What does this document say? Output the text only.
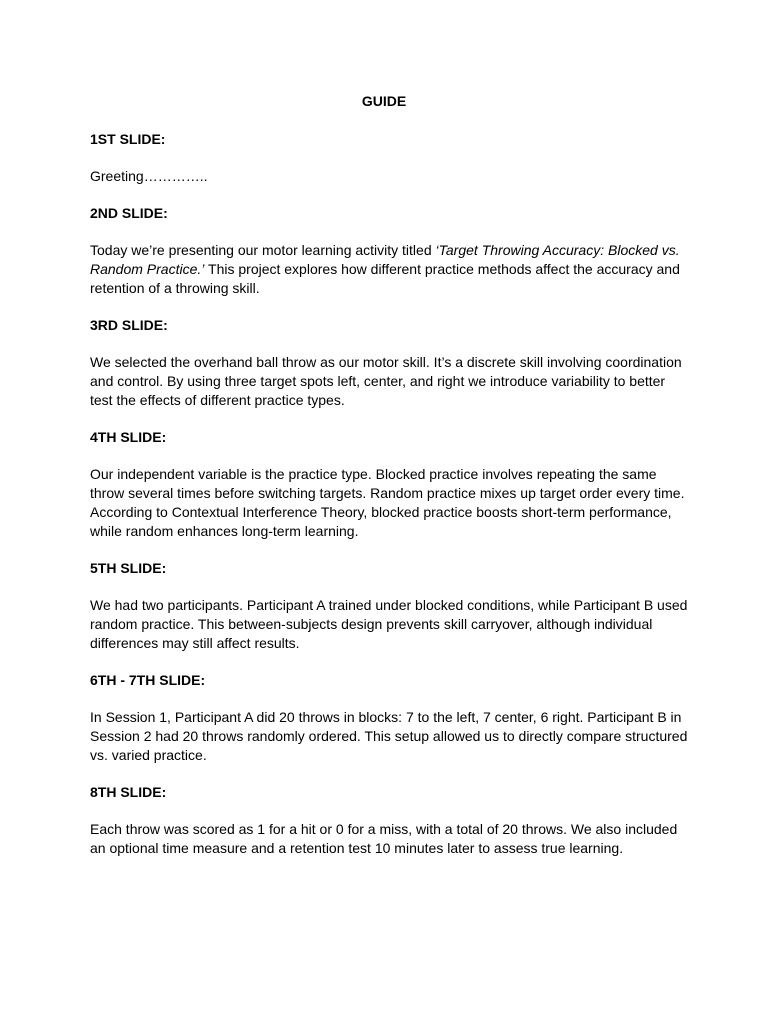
GUIDE
1ST SLIDE:
Greeting…………..
2ND SLIDE:
Today we’re presenting our motor learning activity titled ‘Target Throwing Accuracy: Blocked vs. Random Practice.’ This project explores how different practice methods affect the accuracy and retention of a throwing skill.
3RD SLIDE:
We selected the overhand ball throw as our motor skill. It’s a discrete skill involving coordination and control. By using three target spots left, center, and right we introduce variability to better test the effects of different practice types.
4TH SLIDE:
Our independent variable is the practice type. Blocked practice involves repeating the same throw several times before switching targets. Random practice mixes up target order every time. According to Contextual Interference Theory, blocked practice boosts short-term performance, while random enhances long-term learning.
5TH SLIDE:
We had two participants. Participant A trained under blocked conditions, while Participant B used random practice. This between-subjects design prevents skill carryover, although individual differences may still affect results.
6TH - 7TH SLIDE:
In Session 1, Participant A did 20 throws in blocks: 7 to the left, 7 center, 6 right. Participant B in Session 2 had 20 throws randomly ordered. This setup allowed us to directly compare structured vs. varied practice.
8TH SLIDE:
Each throw was scored as 1 for a hit or 0 for a miss, with a total of 20 throws. We also included an optional time measure and a retention test 10 minutes later to assess true learning.
